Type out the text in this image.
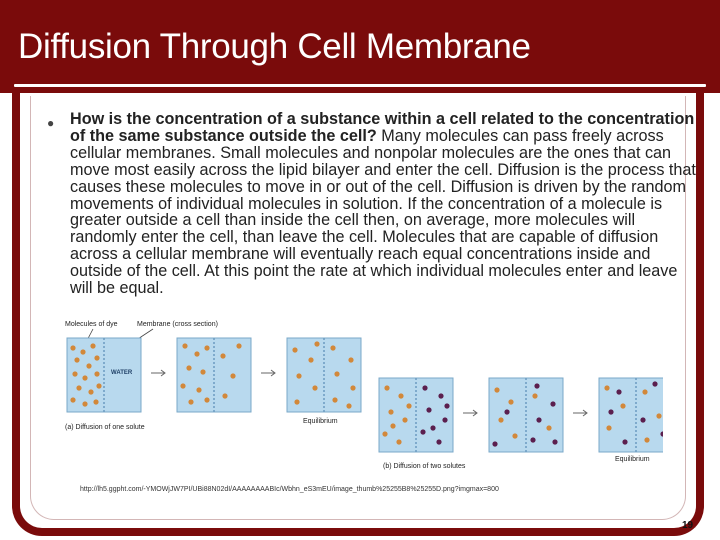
Diffusion Through Cell Membrane
● How is the concentration of a substance within a cell related to the concentration of the same substance outside the cell? Many molecules can pass freely across cellular membranes. Small molecules and nonpolar molecules are the ones that can move most easily across the lipid bilayer and enter the cell. Diffusion is the process that causes these molecules to move in or out of the cell. Diffusion is driven by the random movements of individual molecules in solution. If the concentration of a molecule is greater outside a cell than inside the cell then, on average, more molecules will randomly enter the cell, than leave the cell. Molecules that are capable of diffusion across a cellular membrane will eventually reach equal concentrations inside and outside of the cell. At this point the rate at which individual molecules enter and leave will be equal.
Molecules of dye	Membrane (cross section)
WATER
Equilibrium
(a) Diffusion of one solute
Equilibrium
(b) Diffusion of two solutes
http://lh5.ggpht.com/-YMOWjJW7PI/UBi88N02dI/AAAAAAAABIc/Wbhn_eS3mEU/image_thumb%25255B8%25255D.png?imgmax=800
19
